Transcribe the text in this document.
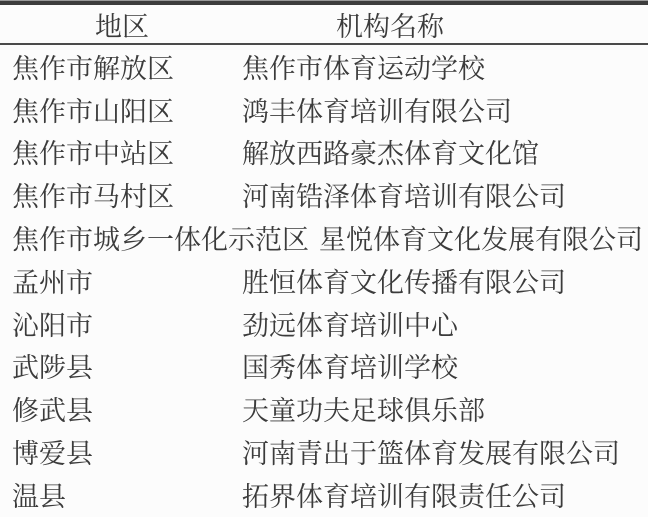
地区	机构名称
焦作市解放区	焦作市体育运动学校
焦作市山阳区	鸿丰体育培训有限公司
焦作市中站区	解放西路豪杰体育文化馆
焦作市马村区	河南锆泽体育培训有限公司
焦作市城乡一体化示范区 星悦体育文化发展有限公司
孟州市	胜恒体育文化传播有限公司
沁阳市	劲远体育培训中心
武陟县	国秀体育培训学校
修武县	天童功夫足球俱乐部
博爱县	河南青出于篮体育发展有限公司
温县	拓界体育培训有限责任公司
